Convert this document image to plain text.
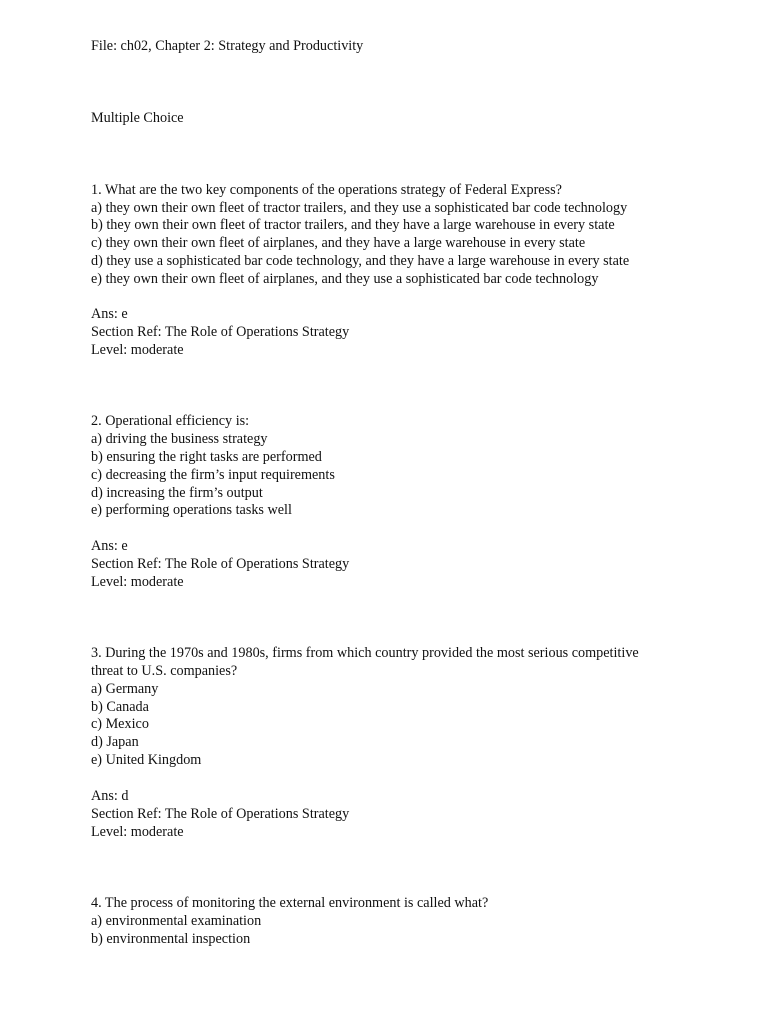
File: ch02, Chapter 2: Strategy and Productivity
Multiple Choice
1. What are the two key components of the operations strategy of Federal Express?
a) they own their own fleet of tractor trailers, and they use a sophisticated bar code technology
b) they own their own fleet of tractor trailers, and they have a large warehouse in every state
c) they own their own fleet of airplanes, and they have a large warehouse in every state
d) they use a sophisticated bar code technology, and they have a large warehouse in every state
e) they own their own fleet of airplanes, and they use a sophisticated bar code technology
Ans: e
Section Ref: The Role of Operations Strategy
Level: moderate
2. Operational efficiency is:
a) driving the business strategy
b) ensuring the right tasks are performed
c) decreasing the firm’s input requirements
d) increasing the firm’s output
e) performing operations tasks well
Ans: e
Section Ref: The Role of Operations Strategy
Level: moderate
3. During the 1970s and 1980s, firms from which country provided the most serious competitive
threat to U.S. companies?
a) Germany
b) Canada
c) Mexico
d) Japan
e) United Kingdom
Ans: d
Section Ref: The Role of Operations Strategy
Level: moderate
4. The process of monitoring the external environment is called what?
a) environmental examination
b) environmental inspection
